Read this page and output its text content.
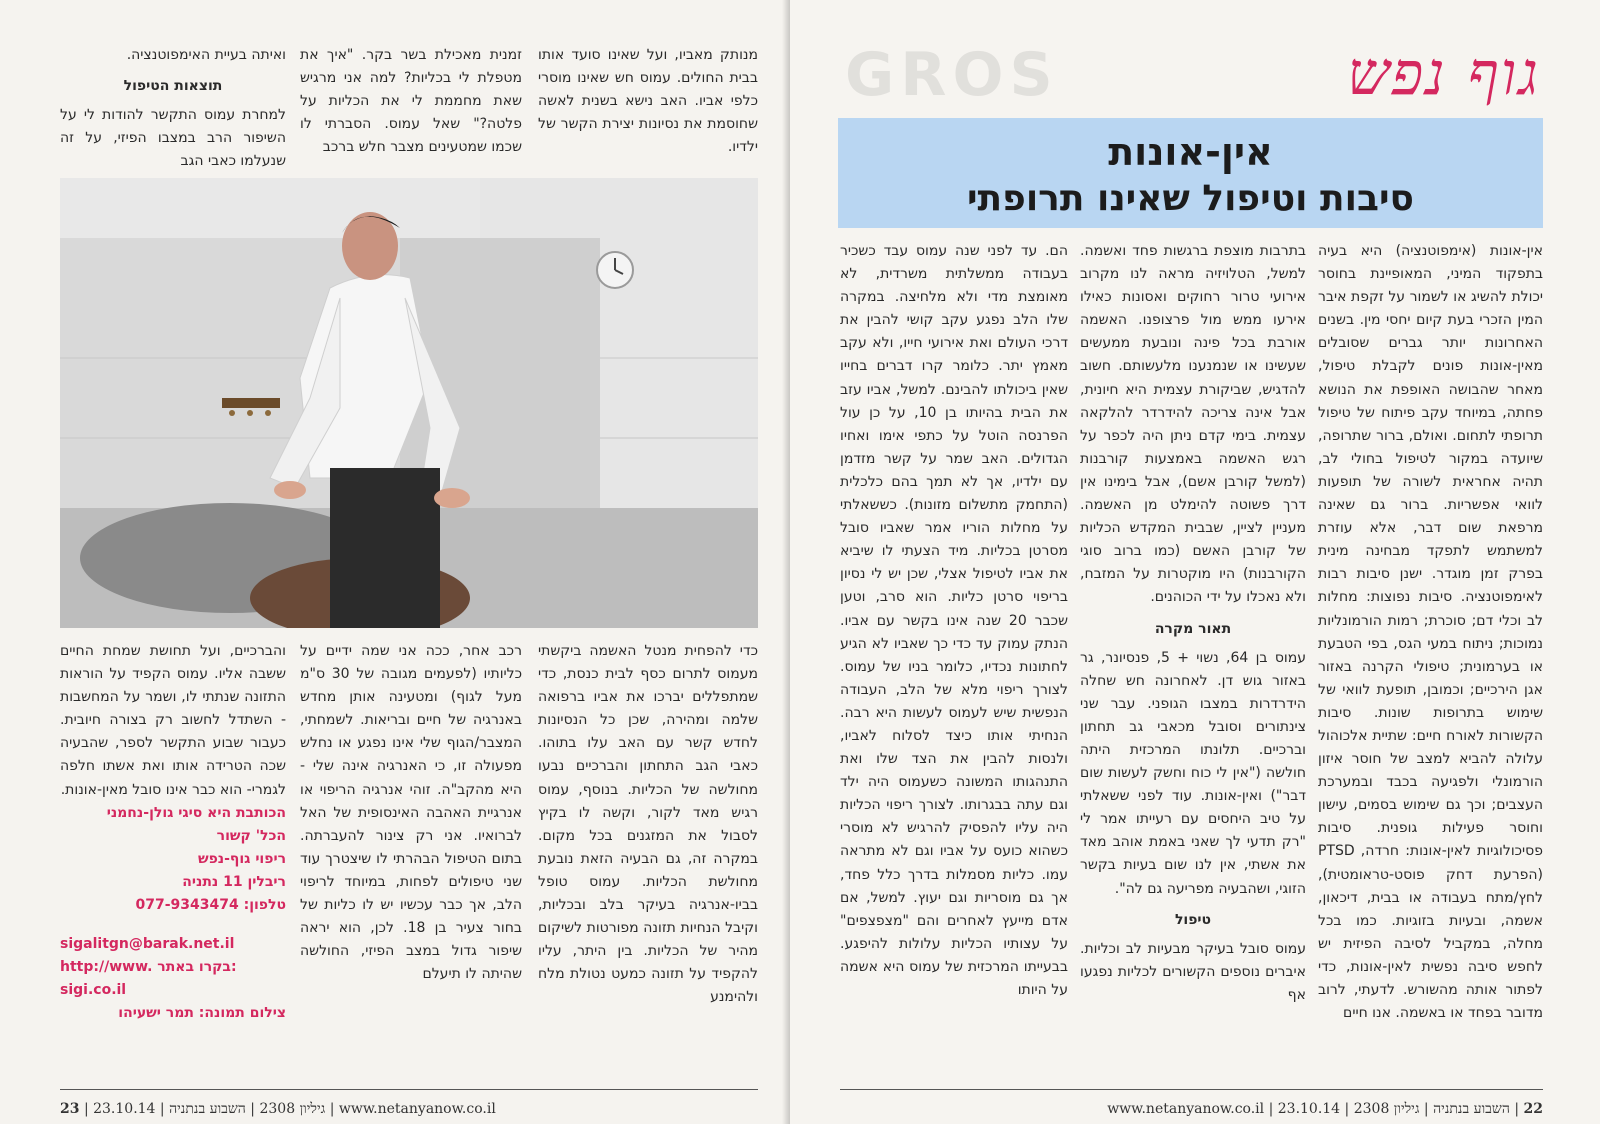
מנותק מאביו, ועל שאינו סועד אותו בבית החולים. עמוס חש שאינו מוסרי כלפי אביו. האב נישא בשנית לאשה שחוסמת את נסיונות יצירת הקשר של ילדיו.

זמנית מאכילת בשר בקר. "איך את מטפלת לי בכליות? למה אני מרגיש שאת מחממת לי את הכליות על פלטה?" שאל עמוס. הסברתי לו שכמו שמטעינים מצבר חלש ברכב

ואיתה בעיית האימפוטנציה.

תוצאות הטיפול

למחרת עמוס התקשר להודות לי על השיפור הרב במצבו הפיזי, על זה שנעלמו כאבי הגב

כדי להפחית מנטל האשמה ביקשתי מעמוס לתרום כסף לבית כנסת, כדי שמתפללים יברכו את אביו ברפואה שלמה ומהירה, שכן כל הנסיונות לחדש קשר עם האב עלו בתוהו. כאבי הגב התחתון והברכיים נבעו מחולשה של הכליות. בנוסף, עמוס רגיש מאד לקור, וקשה לו בקיץ לסבול את המזגנים בכל מקום. במקרה זה, גם הבעיה הזאת נובעת מחולשת הכליות. עמוס טופל בביו-אנרגיה בעיקר בלב ובכליות, וקיבל הנחיות תזונה מפורטות לשיקום מהיר של הכליות. בין היתר, עליו להקפיד על תזונה כמעט נטולת מלח ולהימנע

רכב אחר, ככה אני שמה ידיים על כליותיו (לפעמים מגובה של 30 ס"מ מעל לגוף) ומטעינה אותן מחדש באנרגיה של חיים ובריאות. לשמחתי, המצבר/הגוף שלי אינו נפגע או נחלש מפעולה זו, כי האנרגיה אינה שלי - היא מהקב"ה. זוהי אנרגיה הריפוי או אנרגיית האהבה האינסופית של האל לברואיו. אני רק צינור להעברתה. בתום הטיפול הבהרתי לו שיצטרך עוד שני טיפולים לפחות, במיוחד לריפוי הלב, אך כבר עכשיו יש לו כליות של בחור צעיר בן 18. לכן, הוא יראה שיפור גדול במצב הפיזי, החולשה שהיתה לו תיעלם

והברכיים, ועל תחושת שמחת החיים ששבה אליו. עמוס הקפיד על הוראות התזונה שנתתי לו, ושמר על המחשבות - השתדל לחשוב רק בצורה חיובית. כעבור שבוע התקשר לספר, שהבעיה שכה הטרידה אותו ואת אשתו חלפה לגמרי- הוא כבר אינו סובל מאין-אונות.

הכותבת היא סיגי גולן-נחמני
הכל' קשור
ריפוי גוף-נפש
ריבלין 11 נתניה
טלפון: 077-9343474
sigalitgn@barak.net.il
http://www. בקרו באתר:
sigi.co.il
צילום תמונה: תמר ישעיהו
23 | 23.10.14 |	גיליון 2308 | השבוע בנתניה	| www.netanyanow.co.il
GROS	גוף נפש
אין-אונות
סיבות וטיפול שאינו תרופתי

אין-אונות (אימפוטנציה) היא בעיה בתפקוד המיני, המאופיינת בחוסר יכולת להשיג או לשמור על זקפת איבר המין הזכרי בעת קיום יחסי מין. בשנים האחרונות יותר גברים שסובלים מאין-אונות פונים לקבלת טיפול, מאחר שהבושה האופפת את הנושא פחתה, במיוחד עקב פיתוח של טיפול תרופתי לתחום. ואולם, ברור שתרופה, שיועדה במקור לטיפול בחולי לב, תהיה אחראית לשורה של תופעות לוואי אפשריות. ברור גם שאינה מרפאת שום דבר, אלא עוזרת למשתמש לתפקד מבחינה מינית בפרק זמן מוגדר. ישנן סיבות רבות לאימפוטנציה. סיבות נפוצות: מחלות לב וכלי דם; סוכרת; רמות הורמונליות נמוכות; ניתוח במעי הגס, בפי הטבעת או בערמונית; טיפולי הקרנה באזור אגן הירכיים; וכמובן, תופעת לוואי של שימוש בתרופות שונות. סיבות הקשורות לאורח חיים: שתיית אלכוהול עלולה להביא למצב של חוסר איזון הורמונלי ולפגיעה בכבד ובמערכת העצבים; וכך גם שימוש בסמים, עישון וחוסר פעילות גופנית. סיבות פסיכולוגיות לאין-אונות: חרדה, PTSD (הפרעת דחק פוסט-טראומטית), לחץ/מתח בעבודה או בבית, דיכאון, אשמה, ובעיות בזוגיות. כמו בכל מחלה, במקביל לסיבה הפיזית יש לחפש סיבה נפשית לאין-אונות, כדי לפתור אותה מהשורש. לדעתי, לרוב מדובר בפחד או באשמה. אנו חיים

בתרבות מוצפת ברגשות פחד ואשמה. למשל, הטלויזיה מראה לנו מקרוב אירועי טרור רחוקים ואסונות כאילו אירעו ממש מול פרצופנו. האשמה אורבת בכל פינה ונובעת ממעשים שעשינו או שנמנענו מלעשותם. חשוב להדגיש, שביקורת עצמית היא חיונית, אבל אינה צריכה להידרדר להלקאה עצמית. בימי קדם ניתן היה לכפר על רגש האשמה באמצעות קורבנות (למשל קורבן אשם), אבל בימינו אין דרך פשוטה להימלט מן האשמה. מעניין לציין, שבבית המקדש הכליות של קורבן האשם (כמו ברוב סוגי הקורבנות) היו מוקטרות על המזבח, ולא נאכלו על ידי הכוהנים.

תאור מקרה

עמוס בן 64, נשוי + 5, פנסיונר, גר באזור גוש דן. לאחרונה חש שחלה הידרדרות במצבו הגופני. עבר שני צינתורים וסובל מכאבי גב תחתון וברכיים. תלונתו המרכזית היתה חולשה ("אין לי כוח וחשק לעשות שום דבר") ואין-אונות. עוד לפני ששאלתי על טיב היחסים עם רעייתו אמר לי "רק תדעי לך שאני באמת אוהב מאד את אשתי, אין לנו שום בעיות בקשר הזוגי, ושהבעיה מפריעה גם לה".

טיפול

עמוס סובל בעיקר מבעיות לב וכליות. איברים נוספים הקשורים לכליות נפגעו אף

הם. עד לפני שנה עמוס עבד כשכיר בעבודה ממשלתית משרדית, לא מאומצת מדי ולא מלחיצה. במקרה שלו הלב נפגע עקב קושי להבין את דרכי העולם ואת אירועי חייו, ולא עקב מאמץ יתר. כלומר קרו דברים בחייו שאין ביכולתו להבינם. למשל, אביו עזב את הבית בהיותו בן 10, על כן עול הפרנסה הוטל על כתפי אימו ואחיו הגדולים. האב שמר על קשר מזדמן עם ילדיו, אך לא תמך בהם כלכלית (התחמק מתשלום מזונות). כששאלתי על מחלות הוריו אמר שאביו סובל מסרטן בכליות. מיד הצעתי לו שיביא את אביו לטיפול אצלי, שכן יש לי נסיון בריפוי סרטן כליות. הוא סרב, וטען שכבר 20 שנה אינו בקשר עם אביו. הנתק עמוק עד כדי כך שאביו לא הגיע לחתונות נכדיו, כלומר בניו של עמוס. לצורך ריפוי מלא של הלב, העבודה הנפשית שיש לעמוס לעשות היא רבה. הנחיתי אותו כיצד לסלוח לאביו, ולנסות להבין את הצד שלו ואת התנהגותו המשונה כשעמוס היה ילד וגם עתה בבגרותו. לצורך ריפוי הכליות היה עליו להפסיק להרגיש לא מוסרי כשהוא כועס על אביו וגם לא מתראה עמו. כליות מסמלות בדרך כלל פחד, אך גם מוסריות וגם יעוץ. למשל, אם אדם מייעץ לאחרים והם "מצפצפים" על עצותיו הכליות עלולות להיפגע. בבעייתו המרכזית של עמוס היא אשמה על היותו

22 | השבוע בנתניה | גיליון 2308 | 23.10.14 | www.netanyanow.co.il
